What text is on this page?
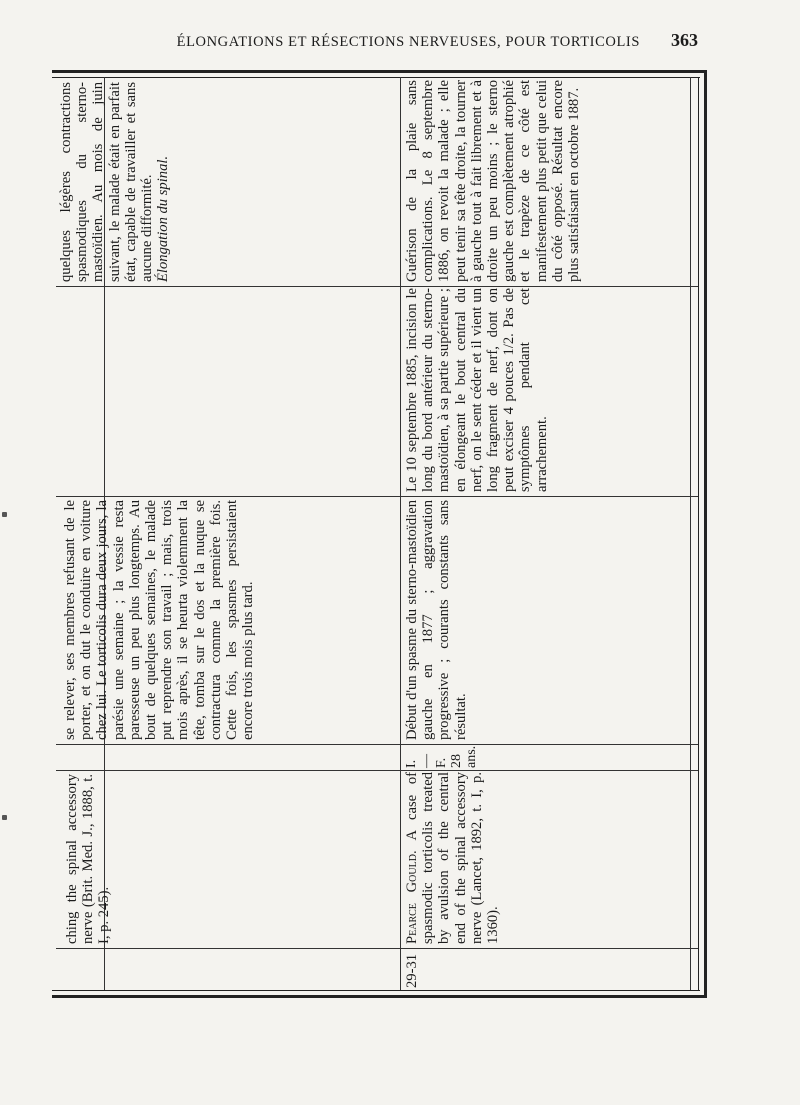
ÉLONGATIONS ET RÉSECTIONS NERVEUSES, POUR TORTICOLIS 363

ching the spinal accessory nerve (Brit. Med. J., 1888, t. I, p. 245).

se relever, ses membres refusant de le porter, et on dut le conduire en voiture chez lui. Le torticolis dura deux jours, la parésie une semaine ; la vessie resta paresseuse un peu plus longtemps. Au bout de quelques semaines, le malade put reprendre son travail ; mais, trois mois après, il se heurta violemment la tête, tomba sur le dos et la nuque se contractura comme la première fois. Cette fois, les spasmes persistaient encore trois mois plus tard.

quelques légères contractions spasmodiques du sterno-mastoïdien. Au mois de juin suivant, le malade était en parfait état, capable de travailler et sans aucune difformité. Élongation du spinal.

29-31

Pearce Gould. A case of spasmodic torticolis treated by avulsion of the central end of the spinal accessory nerve (Lancet, 1892, t. I, p. 1360).

I. — F. 28 ans.

Début d'un spasme du sterno-mastoïdien gauche en 1877 ; aggravation progressive ; courants constants sans résultat.

Le 10 septembre 1885, incision le long du bord antérieur du sterno-mastoïdien, à sa partie supérieure ; en élongeant le bout central du nerf, on le sent céder et il vient un long fragment de nerf, dont on peut exciser 4 pouces 1/2. Pas de symptômes pendant cet arrachement.

Guérison de la plaie sans complications. Le 8 septembre 1886, on revoit la malade ; elle peut tenir sa tête droite, la tourner à gauche tout à fait librement et à droite un peu moins ; le sterno gauche est complètement atrophié et le trapèze de ce côté est manifestement plus petit que celui du côté opposé. Résultat encore plus satisfaisant en octobre 1887.
